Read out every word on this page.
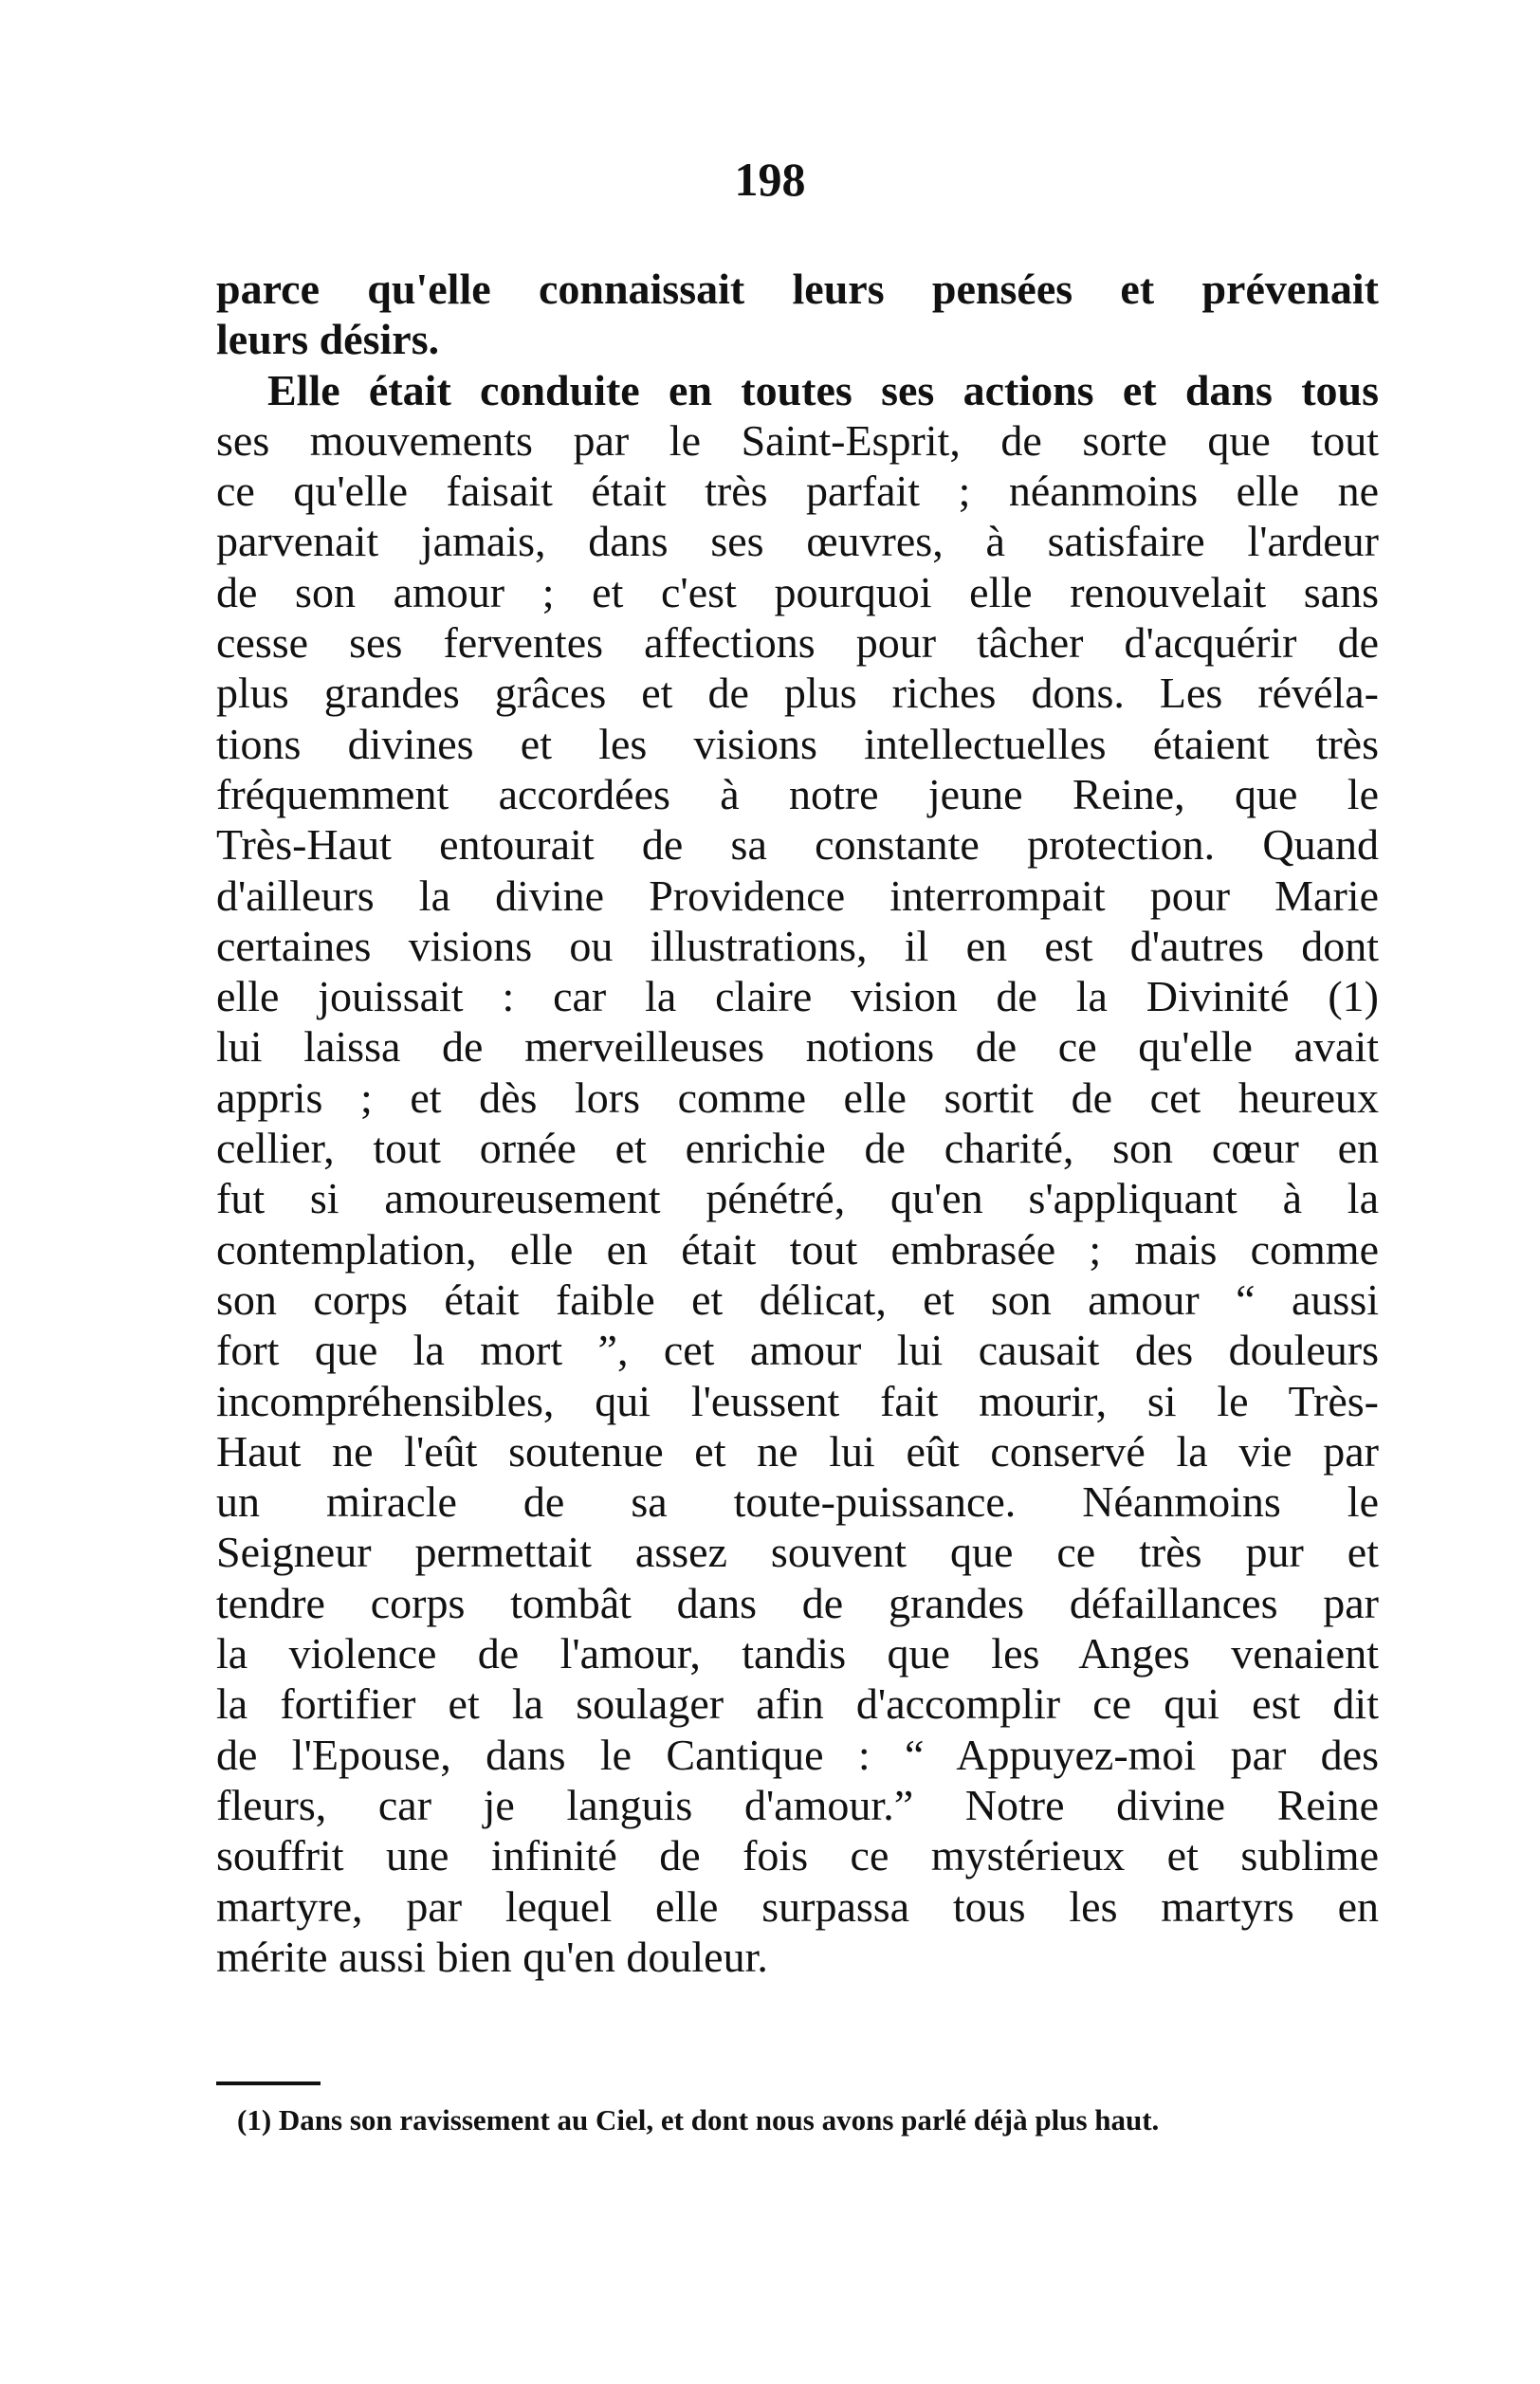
198
parce qu'elle connaissait leurs pensées et prévenait
leurs désirs.
Elle était conduite en toutes ses actions et dans tous
ses mouvements par le Saint-Esprit, de sorte que tout
ce qu'elle faisait était très parfait ; néanmoins elle ne
parvenait jamais, dans ses œuvres, à satisfaire l'ardeur
de son amour ; et c'est pourquoi elle renouvelait sans
cesse ses ferventes affections pour tâcher d'acquérir de
plus grandes grâces et de plus riches dons. Les révéla-
tions divines et les visions intellectuelles étaient très
fréquemment accordées à notre jeune Reine, que le
Très-Haut entourait de sa constante protection. Quand
d'ailleurs la divine Providence interrompait pour Marie
certaines visions ou illustrations, il en est d'autres dont
elle jouissait : car la claire vision de la Divinité (1)
lui laissa de merveilleuses notions de ce qu'elle avait
appris ; et dès lors comme elle sortit de cet heureux
cellier, tout ornée et enrichie de charité, son cœur en
fut si amoureusement pénétré, qu'en s'appliquant à la
contemplation, elle en était tout embrasée ; mais comme
son corps était faible et délicat, et son amour “ aussi
fort que la mort ”, cet amour lui causait des douleurs
incompréhensibles, qui l'eussent fait mourir, si le Très-
Haut ne l'eût soutenue et ne lui eût conservé la vie par
un miracle de sa toute-puissance. Néanmoins le
Seigneur permettait assez souvent que ce très pur et
tendre corps tombât dans de grandes défaillances par
la violence de l'amour, tandis que les Anges venaient
la fortifier et la soulager afin d'accomplir ce qui est dit
de l'Epouse, dans le Cantique : “ Appuyez-moi par des
fleurs, car je languis d'amour.” Notre divine Reine
souffrit une infinité de fois ce mystérieux et sublime
martyre, par lequel elle surpassa tous les martyrs en
mérite aussi bien qu'en douleur.
(1) Dans son ravissement au Ciel, et dont nous avons parlé déjà plus haut.
